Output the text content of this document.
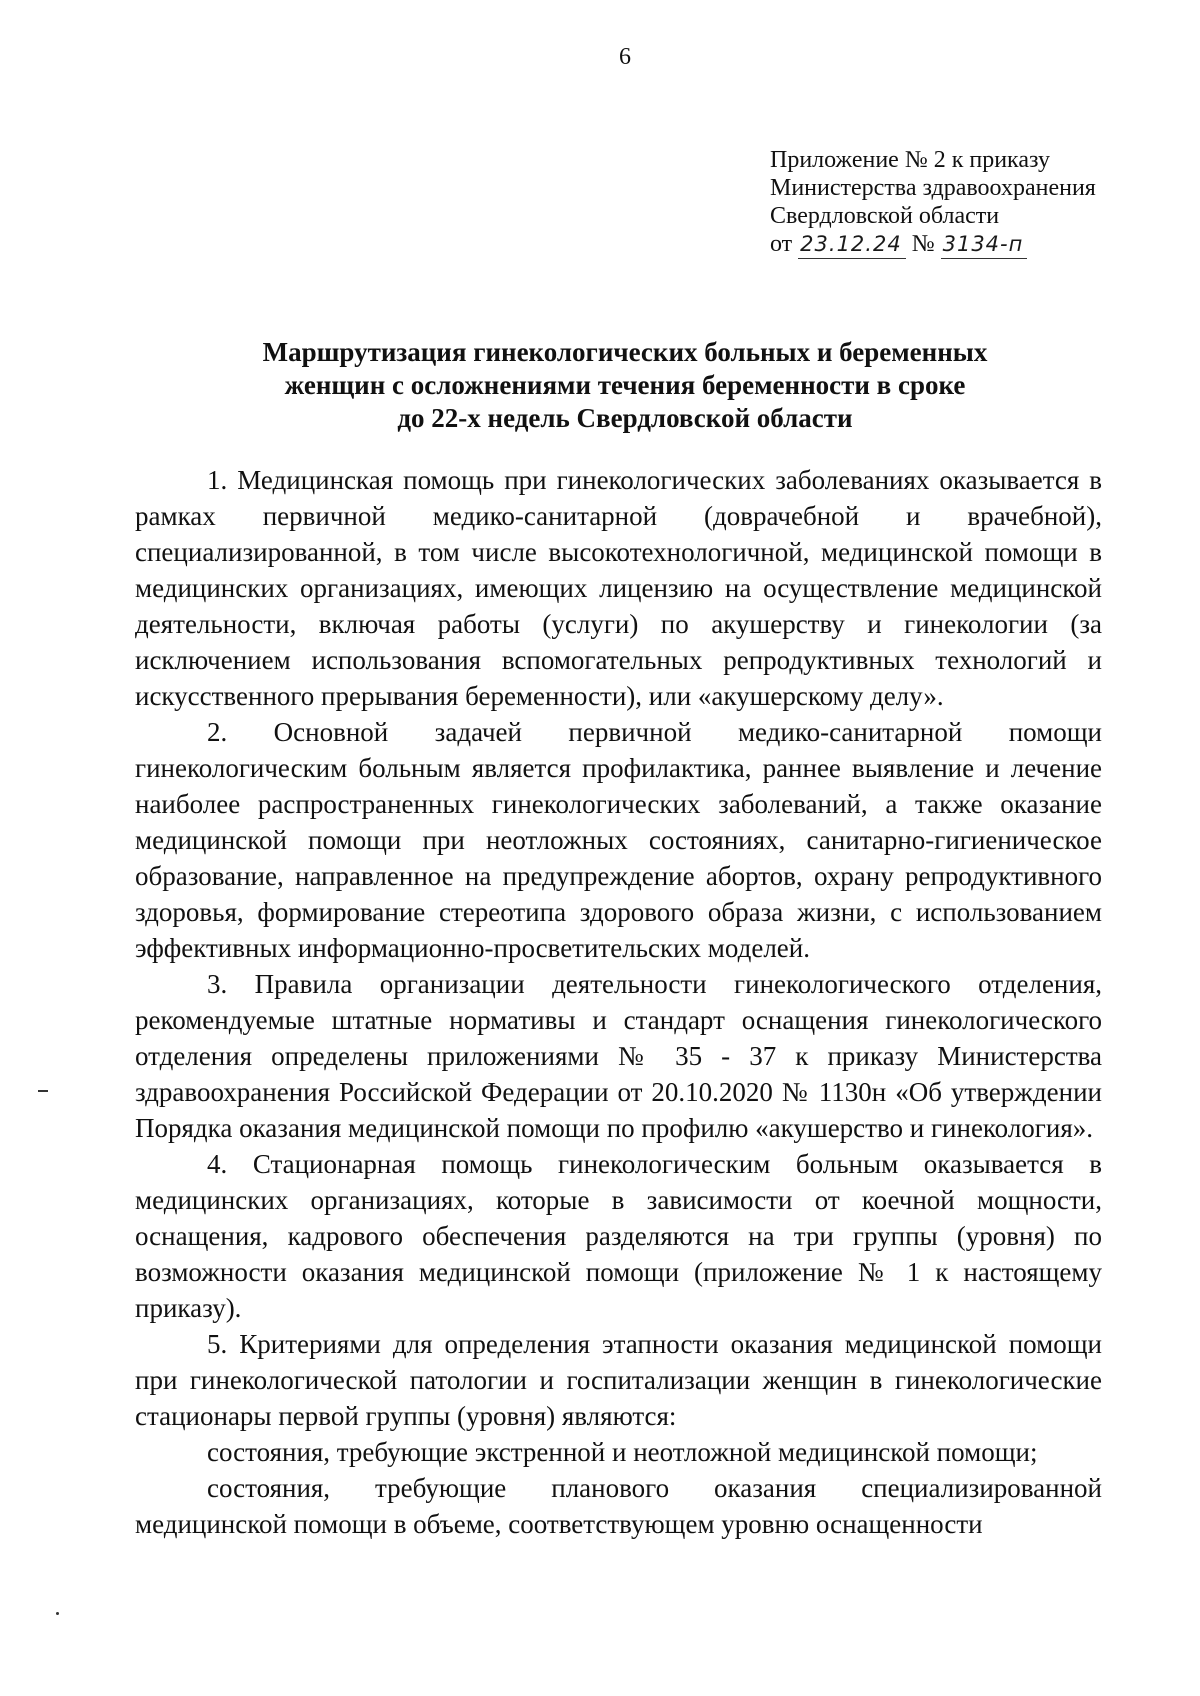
6
Приложение № 2 к приказу
Министерства здравоохранения
Свердловской области
от 23.12.24 № 3134-п
Маршрутизация гинекологических больных и беременных
женщин с осложнениями течения беременности в сроке
до 22-х недель Свердловской области

1. Медицинская помощь при гинекологических заболеваниях оказывается в рамках первичной медико-санитарной (доврачебной и врачебной), специализированной, в том числе высокотехнологичной, медицинской помощи в медицинских организациях, имеющих лицензию на осуществление медицинской деятельности, включая работы (услуги) по акушерству и гинекологии (за исключением использования вспомогательных репродуктивных технологий и искусственного прерывания беременности), или «акушерскому делу».

2. Основной задачей первичной медико-санитарной помощи гинекологическим больным является профилактика, раннее выявление и лечение наиболее распространенных гинекологических заболеваний, а также оказание медицинской помощи при неотложных состояниях, санитарно-гигиеническое образование, направленное на предупреждение абортов, охрану репродуктивного здоровья, формирование стереотипа здорового образа жизни, с использованием эффективных информационно-просветительских моделей.

3. Правила организации деятельности гинекологического отделения, рекомендуемые штатные нормативы и стандарт оснащения гинекологического отделения определены приложениями № 35 - 37 к приказу Министерства здравоохранения Российской Федерации от 20.10.2020 № 1130н «Об утверждении Порядка оказания медицинской помощи по профилю «акушерство и гинекология».

4. Стационарная помощь гинекологическим больным оказывается в медицинских организациях, которые в зависимости от коечной мощности, оснащения, кадрового обеспечения разделяются на три группы (уровня) по возможности оказания медицинской помощи (приложение № 1 к настоящему приказу).

5. Критериями для определения этапности оказания медицинской помощи при гинекологической патологии и госпитализации женщин в гинекологические стационары первой группы (уровня) являются:

состояния, требующие экстренной и неотложной медицинской помощи;

состояния, требующие планового оказания специализированной медицинской помощи в объеме, соответствующем уровню оснащенности
